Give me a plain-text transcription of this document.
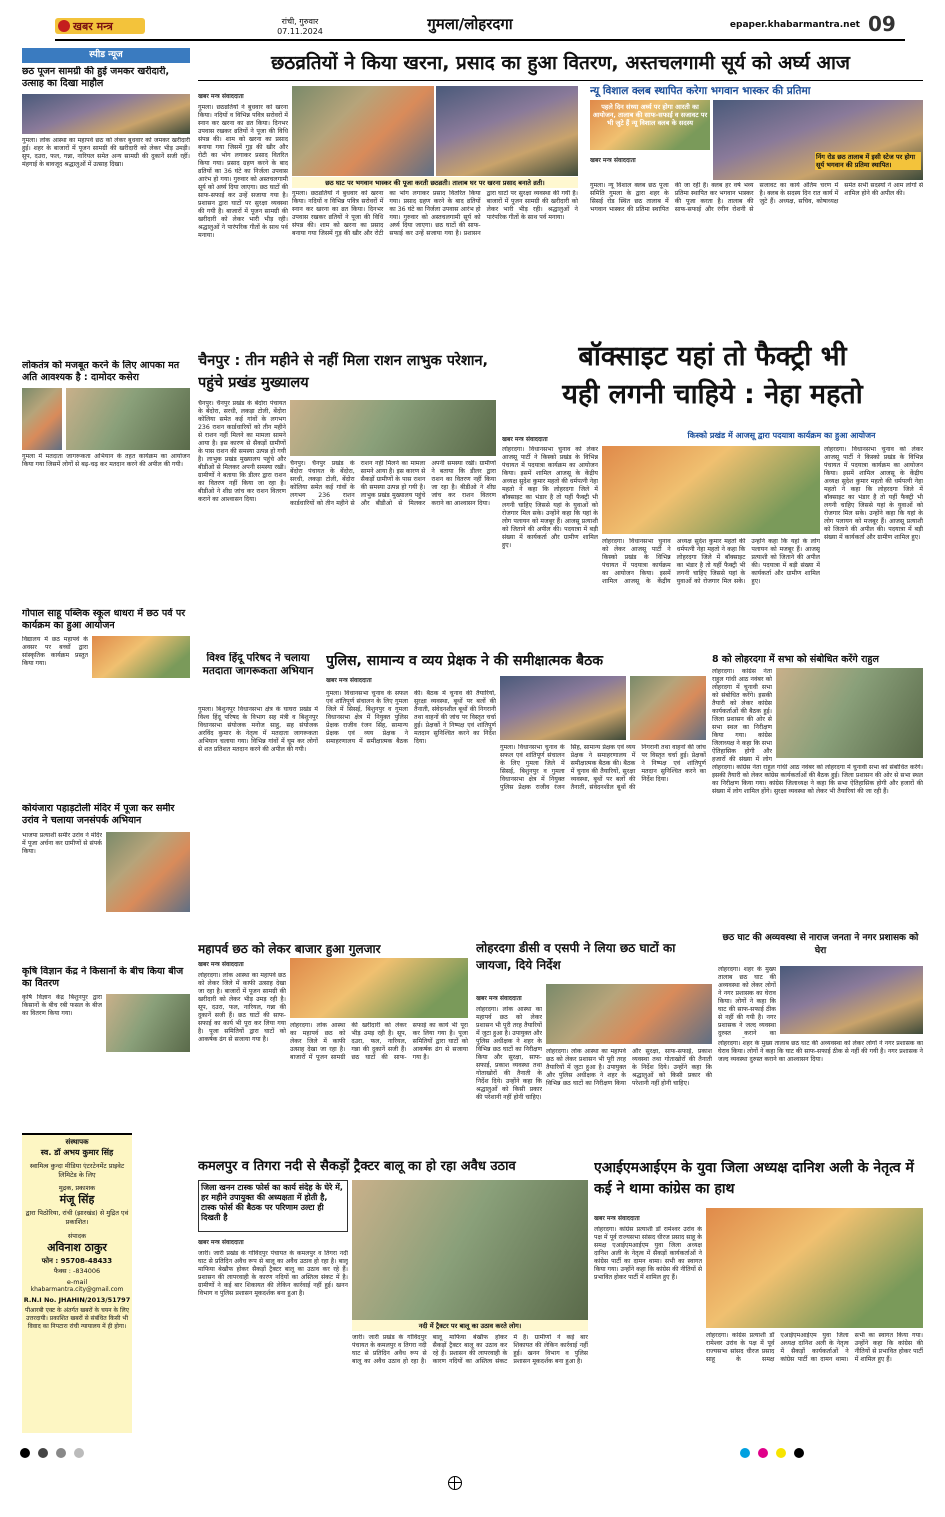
खबर मन्त्र	रांची, गुरुवार
07.11.2024	गुमला/लोहरदगा	epaper.khabarmantra.net 09
स्पीड न्यूज
छठ पूजन सामग्री की हुई जमकर खरीदारी, उत्साह का दिखा माहौल
गुमला। लोक आस्था का महापर्व छठ को लेकर बुधवार को जमकर खरीदारी हुई। शहर के बाजारों में पूजन सामग्री की खरीदारी को लेकर भीड़ उमड़ी। सुप, दउरा, फल, गन्ना, नारियल समेत अन्य सामग्री की दुकानें सजी रहीं। मंहगाई के बावजूद श्रद्धालुओं में उत्साह दिखा।
लोकतंत्र को मजबूत करने के लिए आपका मत अति आवश्यक है : दामोदर कसेरा
गुमला में मतदाता जागरूकता अभियान के तहत कार्यक्रम का आयोजन किया गया जिसमें लोगों से बढ़-चढ़ कर मतदान करने की अपील की गयी।
गोपाल साहू पब्लिक स्कूल धाधरा में छठ पर्व पर कार्यक्रम का हुआ आयोजन
विद्यालय में छठ महापर्व के अवसर पर बच्चों द्वारा सांस्कृतिक कार्यक्रम प्रस्तुत किया गया।
कोयंजारा पहाड़टोली मंदिर में पूजा कर समीर उरांव ने चलाया जनसंपर्क अभियान
भाजपा प्रत्याशी समीर उरांव ने मंदिर में पूजा अर्चना कर ग्रामीणों से संपर्क किया।
कृषि विज्ञान केंद्र ने किसानों के बीच किया बीज का वितरण
कृषि विज्ञान केंद्र बिशुनपुर द्वारा किसानों के बीच रबी फसल के बीज का वितरण किया गया।
संस्थापक
स्व. डॉ अभय कुमार सिंह
स्वामित्व कुन्दा मीडिया एंटरटेनमेंट प्राइवेट लिमिटेड के लिए
मुद्रक, प्रकाशक
मंजू सिंह
द्वारा पिठोरिया, रांची (झारखंड) से मुद्रित एवं प्रकाशित।
संपादक
अविनाश ठाकुर
फोन : 95708-48433
फैक्स : -834006
e-mail
khabarmantra.city@gmail.com
R.N.I No. JHAHIN/2013/51797
पीआरबी एक्ट के अंतर्गत खबरों के चयन के लिए उत्तरदायी। प्रकाशित खबरों से संबंधित किसी भी विवाद का निपटारा रांची न्यायालय में ही होगा।
छठव्रतियों ने किया खरना, प्रसाद का हुआ वितरण, अस्तचलगामी सूर्य को अर्घ्य आज
खबर मन्त्र संवाददाता
गुमला। छठव्रतियों ने बुधवार को खरना किया। नदियों व विभिन्न पवित्र सरोवरों में स्नान कर खरना का व्रत किया। दिनभर उपवास रखकर व्रतियों ने पूजा की विधि संपन्न की। शाम को खरना का प्रसाद बनाया गया जिसमें गुड़ की खीर और रोटी का भोग लगाकर प्रसाद वितरित किया गया। प्रसाद ग्रहण करने के बाद व्रतियों का 36 घंटे का निर्जला उपवास आरंभ हो गया। गुरुवार को अस्तचलगामी सूर्य को अर्घ्य दिया जाएगा। छठ घाटों की साफ-सफाई कर उन्हें सजाया गया है। प्रशासन द्वारा घाटों पर सुरक्षा व्यवस्था की गयी है। बाजारों में पूजन सामग्री की खरीदारी को लेकर भारी भीड़ रही। श्रद्धालुओं ने पारंपरिक गीतों के साथ पर्व मनाया।
छठ घाट पर भगवान भास्कर की पूजा करती छठव्रती। तालाब घर पर खरना प्रसाद बनाते व्रती।
गुमला। छठव्रतियों ने बुधवार को खरना किया। नदियों व विभिन्न पवित्र सरोवरों में स्नान कर खरना का व्रत किया। दिनभर उपवास रखकर व्रतियों ने पूजा की विधि संपन्न की। शाम को खरना का प्रसाद बनाया गया जिसमें गुड़ की खीर और रोटी का भोग लगाकर प्रसाद वितरित किया गया। प्रसाद ग्रहण करने के बाद व्रतियों का 36 घंटे का निर्जला उपवास आरंभ हो गया। गुरुवार को अस्तचलगामी सूर्य को अर्घ्य दिया जाएगा। छठ घाटों की साफ-सफाई कर उन्हें सजाया गया है। प्रशासन द्वारा घाटों पर सुरक्षा व्यवस्था की गयी है। बाजारों में पूजन सामग्री की खरीदारी को लेकर भारी भीड़ रही। श्रद्धालुओं ने पारंपरिक गीतों के साथ पर्व मनाया।
न्यू विशाल क्लब स्थापित करेगा भगवान भास्कर की प्रतिमा
पहले दिन संध्या अर्घ्य पर होगा आरती का आयोजन, तालाब की साफ-सफाई व सजावट पर भी जुटे हैं न्यू विशाल क्लब के सदस्य
निंग रोड छठ तालाब में इसी स्टेज पर होगा सूर्य भगवान की प्रतिमा स्थापित।
खबर मन्त्र संवाददाता
गुमला। न्यू विशाल क्लब छठ पूजा समिति गुमला के द्वारा शहर के सिसई रोड स्थित छठ तालाब में भगवान भास्कर की प्रतिमा स्थापित की जा रही है। क्लब हर वर्ष भव्य प्रतिमा स्थापित कर भगवान भास्कर की पूजा करता है। तालाब की साफ-सफाई और रंगीन रोशनी से सजावट का कार्य अंतिम चरण में है। क्लब के सदस्य दिन रात कार्य में जुटे हैं। अध्यक्ष, सचिव, कोषाध्यक्ष समेत सभी सदस्यों ने आम लोगों से शामिल होने की अपील की।
चैनपुर : तीन महीने से नहीं मिला राशन लाभुक परेशान, पहुंचे प्रखंड मुख्यालय
चैनपुर। चैनपुर प्रखंड के बेंदोरा पंचायत के बेंदोरा, सरधी, लकड़ा टोली, बेंदोरा कोलिया समेत कई गांवों के लगभग 236 राशन कार्डधारियों को तीन महीने से राशन नहीं मिलने का मामला सामने आया है। इस कारण से सैकड़ों ग्रामीणों के पास राशन की समस्या उत्पन्न हो गयी है। लाभुक प्रखंड मुख्यालय पहुंचे और बीडीओ से मिलकर अपनी समस्या रखी। ग्रामीणों ने बताया कि डीलर द्वारा राशन का वितरण नहीं किया जा रहा है। बीडीओ ने शीघ्र जांच कर राशन वितरण कराने का आश्वासन दिया।
चैनपुर। चैनपुर प्रखंड के बेंदोरा पंचायत के बेंदोरा, सरधी, लकड़ा टोली, बेंदोरा कोलिया समेत कई गांवों के लगभग 236 राशन कार्डधारियों को तीन महीने से राशन नहीं मिलने का मामला सामने आया है। इस कारण से सैकड़ों ग्रामीणों के पास राशन की समस्या उत्पन्न हो गयी है। लाभुक प्रखंड मुख्यालय पहुंचे और बीडीओ से मिलकर अपनी समस्या रखी। ग्रामीणों ने बताया कि डीलर द्वारा राशन का वितरण नहीं किया जा रहा है। बीडीओ ने शीघ्र जांच कर राशन वितरण कराने का आश्वासन दिया।
बॉक्साइट यहां तो फैक्ट्री भी
यही लगनी चाहिये : नेहा महतो
किस्को प्रखंड में आजसू द्वारा पदयात्रा कार्यक्रम का हुआ आयोजन
खबर मन्त्र संवाददाता
लोहरदगा। विधानसभा चुनाव को लेकर आजसू पार्टी ने किस्को प्रखंड के विभिन्न पंचायत में पदयात्रा कार्यक्रम का आयोजन किया। इसमें शामिल आजसू के केंद्रीय अध्यक्ष सुदेश कुमार महतो की धर्मपत्नी नेहा महतो ने कहा कि लोहरदगा जिले में बॉक्साइट का भंडार है तो यहीं फैक्ट्री भी लगनी चाहिए जिससे यहां के युवाओं को रोजगार मिल सके। उन्होंने कहा कि यहां के लोग पलायन को मजबूर हैं। आजसू प्रत्याशी को जिताने की अपील की। पदयात्रा में बड़ी संख्या में कार्यकर्ता और ग्रामीण शामिल हुए।
लोहरदगा। विधानसभा चुनाव को लेकर आजसू पार्टी ने किस्को प्रखंड के विभिन्न पंचायत में पदयात्रा कार्यक्रम का आयोजन किया। इसमें शामिल आजसू के केंद्रीय अध्यक्ष सुदेश कुमार महतो की धर्मपत्नी नेहा महतो ने कहा कि लोहरदगा जिले में बॉक्साइट का भंडार है तो यहीं फैक्ट्री भी लगनी चाहिए जिससे यहां के युवाओं को रोजगार मिल सके। उन्होंने कहा कि यहां के लोग पलायन को मजबूर हैं। आजसू प्रत्याशी को जिताने की अपील की। पदयात्रा में बड़ी संख्या में कार्यकर्ता और ग्रामीण शामिल हुए।
लोहरदगा। विधानसभा चुनाव को लेकर आजसू पार्टी ने किस्को प्रखंड के विभिन्न पंचायत में पदयात्रा कार्यक्रम का आयोजन किया। इसमें शामिल आजसू के केंद्रीय अध्यक्ष सुदेश कुमार महतो की धर्मपत्नी नेहा महतो ने कहा कि लोहरदगा जिले में बॉक्साइट का भंडार है तो यहीं फैक्ट्री भी लगनी चाहिए जिससे यहां के युवाओं को रोजगार मिल सके। उन्होंने कहा कि यहां के लोग पलायन को मजबूर हैं। आजसू प्रत्याशी को जिताने की अपील की। पदयात्रा में बड़ी संख्या में कार्यकर्ता और ग्रामीण शामिल हुए।
विश्व हिंदू परिषद ने चलाया मतदाता जागरूकता अभियान
गुमला। बिशुनपुर विधानसभा क्षेत्र के घाघरा प्रखंड में विश्व हिंदू परिषद के विभाग सह मंत्री व बिशुनपुर विधानसभा संयोजक मनोज साहु, सह संयोजक अरविंद कुमार के नेतृत्व में मतदाता जागरूकता अभियान चलाया गया। विभिन्न गांवों में घूम कर लोगों से शत प्रतिशत मतदान करने की अपील की गयी।
पुलिस, सामान्य व व्यय प्रेक्षक ने की समीक्षात्मक बैठक
खबर मन्त्र संवाददाता
गुमला। विधानसभा चुनाव के सफल एवं शांतिपूर्ण संचालन के लिए गुमला जिले में सिसई, बिशुनपुर व गुमला विधानसभा क्षेत्र में नियुक्त पुलिस प्रेक्षक राजीव रंजन सिंह, सामान्य प्रेक्षक एवं व्यय प्रेक्षक ने समाहरणालय में समीक्षात्मक बैठक की। बैठक में चुनाव की तैयारियों, सुरक्षा व्यवस्था, बूथों पर बलों की तैनाती, संवेदनशील बूथों की निगरानी तथा वाहनों की जांच पर विस्तृत चर्चा हुई। प्रेक्षकों ने निष्पक्ष एवं शांतिपूर्ण मतदान सुनिश्चित करने का निर्देश दिया।
गुमला। विधानसभा चुनाव के सफल एवं शांतिपूर्ण संचालन के लिए गुमला जिले में सिसई, बिशुनपुर व गुमला विधानसभा क्षेत्र में नियुक्त पुलिस प्रेक्षक राजीव रंजन सिंह, सामान्य प्रेक्षक एवं व्यय प्रेक्षक ने समाहरणालय में समीक्षात्मक बैठक की। बैठक में चुनाव की तैयारियों, सुरक्षा व्यवस्था, बूथों पर बलों की तैनाती, संवेदनशील बूथों की निगरानी तथा वाहनों की जांच पर विस्तृत चर्चा हुई। प्रेक्षकों ने निष्पक्ष एवं शांतिपूर्ण मतदान सुनिश्चित करने का निर्देश दिया।
8 को लोहरदगा में सभा को संबोधित करेंगे राहुल
लोहरदगा। कांग्रेस नेता राहुल गांधी आठ नवंबर को लोहरदगा में चुनावी सभा को संबोधित करेंगे। इसकी तैयारी को लेकर कांग्रेस कार्यकर्ताओं की बैठक हुई। जिला प्रशासन की ओर से सभा स्थल का निरीक्षण किया गया। कांग्रेस जिलाध्यक्ष ने कहा कि सभा ऐतिहासिक होगी और हजारों की संख्या में लोग
लोहरदगा। कांग्रेस नेता राहुल गांधी आठ नवंबर को लोहरदगा में चुनावी सभा को संबोधित करेंगे। इसकी तैयारी को लेकर कांग्रेस कार्यकर्ताओं की बैठक हुई। जिला प्रशासन की ओर से सभा स्थल का निरीक्षण किया गया। कांग्रेस जिलाध्यक्ष ने कहा कि सभा ऐतिहासिक होगी और हजारों की संख्या में लोग शामिल होंगे। सुरक्षा व्यवस्था को लेकर भी तैयारियां की जा रही हैं।
महापर्व छठ को लेकर बाजार हुआ गुलजार
खबर मन्त्र संवाददाता
लोहरदगा। लोक आस्था का महापर्व छठ को लेकर जिले में काफी उत्साह देखा जा रहा है। बाजारों में पूजन सामग्री की खरीदारी को लेकर भीड़ उमड़ रही है। सूप, दउरा, फल, नारियल, गन्ना की दुकानें सजी हैं। छठ घाटों की साफ-सफाई का कार्य भी पूरा कर लिया गया है। पूजा समितियों द्वारा घाटों को आकर्षक ढंग से सजाया गया है।
लोहरदगा। लोक आस्था का महापर्व छठ को लेकर जिले में काफी उत्साह देखा जा रहा है। बाजारों में पूजन सामग्री की खरीदारी को लेकर भीड़ उमड़ रही है। सूप, दउरा, फल, नारियल, गन्ना की दुकानें सजी हैं। छठ घाटों की साफ-सफाई का कार्य भी पूरा कर लिया गया है। पूजा समितियों द्वारा घाटों को आकर्षक ढंग से सजाया गया है।
लोहरदगा डीसी व एसपी ने लिया छठ घाटों का जायजा, दिये निर्देश
खबर मन्त्र संवाददाता
लोहरदगा। लोक आस्था का महापर्व छठ को लेकर प्रशासन भी पूरी तरह तैयारियों में जुटा हुआ है। उपायुक्त और पुलिस अधीक्षक ने शहर के विभिन्न छठ घाटों का निरीक्षण किया और सुरक्षा, साफ-सफाई, प्रकाश व्यवस्था तथा गोताखोरों की तैनाती के निर्देश दिये। उन्होंने कहा कि श्रद्धालुओं को किसी प्रकार की परेशानी नहीं होनी चाहिए।
लोहरदगा। लोक आस्था का महापर्व छठ को लेकर प्रशासन भी पूरी तरह तैयारियों में जुटा हुआ है। उपायुक्त और पुलिस अधीक्षक ने शहर के विभिन्न छठ घाटों का निरीक्षण किया और सुरक्षा, साफ-सफाई, प्रकाश व्यवस्था तथा गोताखोरों की तैनाती के निर्देश दिये। उन्होंने कहा कि श्रद्धालुओं को किसी प्रकार की परेशानी नहीं होनी चाहिए।
छठ घाट की अव्यवस्था से नाराज जनता ने नगर प्रशासक को घेरा
लोहरदगा। शहर के मुख्य तालाब छठ घाट की अव्यवस्था को लेकर लोगों ने नगर प्रशासक का घेराव किया। लोगों ने कहा कि घाट की साफ-सफाई ठीक से नहीं की गयी है। नगर प्रशासक ने जल्द व्यवस्था दुरुस्त कराने का
लोहरदगा। शहर के मुख्य तालाब छठ घाट की अव्यवस्था को लेकर लोगों ने नगर प्रशासक का घेराव किया। लोगों ने कहा कि घाट की साफ-सफाई ठीक से नहीं की गयी है। नगर प्रशासक ने जल्द व्यवस्था दुरुस्त कराने का आश्वासन दिया।
कमलपुर व तिगरा नदी से सैकड़ों ट्रैक्टर बालू का हो रहा अवैध उठाव
जिला खनन टास्क फोर्स का कार्य संदेह के घेरे में, हर महीने उपायुक्त की अध्यक्षता में होती है, टास्क फोर्स की बैठक पर परिणाम उल्टा ही दिखती है
खबर मन्त्र संवाददाता
नदी में ट्रैक्टर पर बालू का उठाव करते लोग।
जारी। जारी प्रखंड के गोविंदपुर पंचायत के कमलपुर व तिगरा नदी घाट से प्रतिदिन अवैध रूप से बालू का अवैध उठाव हो रहा है। बालू माफिया बेखौफ होकर सैकड़ों ट्रैक्टर बालू का उठाव कर रहे हैं। प्रशासन की लापरवाही के कारण नदियों का अस्तित्व संकट में है। ग्रामीणों ने कई बार शिकायत की लेकिन कार्रवाई नहीं हुई। खनन विभाग व पुलिस प्रशासन मूकदर्शक बना हुआ है।
जारी। जारी प्रखंड के गोविंदपुर पंचायत के कमलपुर व तिगरा नदी घाट से प्रतिदिन अवैध रूप से बालू का अवैध उठाव हो रहा है। बालू माफिया बेखौफ होकर सैकड़ों ट्रैक्टर बालू का उठाव कर रहे हैं। प्रशासन की लापरवाही के कारण नदियों का अस्तित्व संकट में है। ग्रामीणों ने कई बार शिकायत की लेकिन कार्रवाई नहीं हुई। खनन विभाग व पुलिस प्रशासन मूकदर्शक बना हुआ है।
एआईएमआईएम के युवा जिला अध्यक्ष दानिश अली के नेतृत्व में कई ने थामा कांग्रेस का हाथ
खबर मन्त्र संवाददाता
लोहरदगा। कांग्रेस प्रत्याशी डॉ रामेश्वर उरांव के पक्ष में पूर्व राज्यसभा सांसद धीरज प्रसाद साहू के समक्ष एआईएमआईएम युवा जिला अध्यक्ष दानिश अली के नेतृत्व में सैकड़ों कार्यकर्ताओं ने कांग्रेस पार्टी का दामन थामा। सभी का स्वागत किया गया। उन्होंने कहा कि कांग्रेस की नीतियों से प्रभावित होकर पार्टी में शामिल हुए हैं।
लोहरदगा। कांग्रेस प्रत्याशी डॉ रामेश्वर उरांव के पक्ष में पूर्व राज्यसभा सांसद धीरज प्रसाद साहू के समक्ष एआईएमआईएम युवा जिला अध्यक्ष दानिश अली के नेतृत्व में सैकड़ों कार्यकर्ताओं ने कांग्रेस पार्टी का दामन थामा। सभी का स्वागत किया गया। उन्होंने कहा कि कांग्रेस की नीतियों से प्रभावित होकर पार्टी में शामिल हुए हैं।
